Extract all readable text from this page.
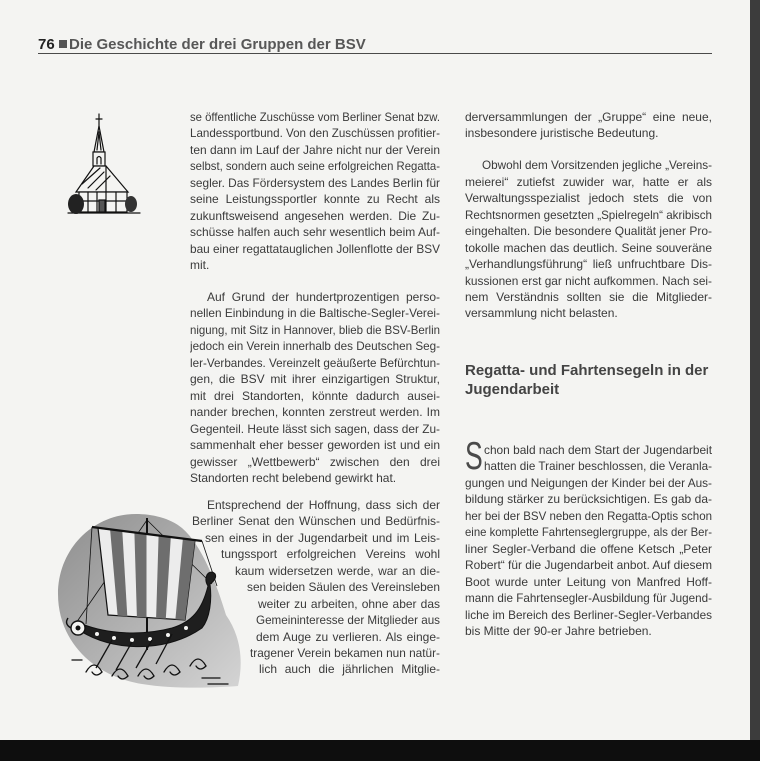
76 Die Geschichte der drei Gruppen der BSV
se öffentliche Zuschüsse vom Berliner Senat bzw.
Landessportbund. Von den Zuschüssen profitier-
ten dann im Lauf der Jahre nicht nur der Verein
selbst, sondern auch seine erfolgreichen Regatta-
segler. Das Fördersystem des Landes Berlin für
seine Leistungssportler konnte zu Recht als
zukunftsweisend angesehen werden. Die Zu-
schüsse halfen auch sehr wesentlich beim Auf-
bau einer regattatauglichen Jollenflotte der BSV
mit.
Auf Grund der hundertprozentigen perso-
nellen Einbindung in die Baltische-Segler-Verei-
nigung, mit Sitz in Hannover, blieb die BSV-Berlin
jedoch ein Verein innerhalb des Deutschen Seg-
ler-Verbandes. Vereinzelt geäußerte Befürchtun-
gen, die BSV mit ihrer einzigartigen Struktur,
mit drei Standorten, könnte dadurch ausei-
nander brechen, konnten zerstreut werden. Im
Gegenteil. Heute lässt sich sagen, dass der Zu-
sammenhalt eher besser geworden ist und ein
gewisser „Wettbewerb“ zwischen den drei
Standorten recht belebend gewirkt hat.
Entsprechend der Hoffnung, dass sich der
Berliner Senat den Wünschen und Bedürfnis-
sen eines in der Jugendarbeit und im Leis-
tungssport erfolgreichen Vereins wohl
kaum widersetzen werde, war an die-
sen beiden Säulen des Vereinsleben
weiter zu arbeiten, ohne aber das
Gemeininteresse der Mitglieder aus
dem Auge zu verlieren. Als einge-
tragener Verein bekamen nun natür-
lich auch die jährlichen Mitglie-
derversammlungen der „Gruppe“ eine neue,
insbesondere juristische Bedeutung.
Obwohl dem Vorsitzenden jegliche „Vereins-
meierei“ zutiefst zuwider war, hatte er als
Verwaltungsspezialist jedoch stets die von
Rechtsnormen gesetzten „Spielregeln“ akribisch
eingehalten. Die besondere Qualität jener Pro-
tokolle machen das deutlich. Seine souveräne
„Verhandlungsführung“ ließ unfruchtbare Dis-
kussionen erst gar nicht aufkommen. Nach sei-
nem Verständnis sollten sie die Mitglieder-
versammlung nicht belasten.
Regatta- und Fahrtensegeln in der
Jugendarbeit
S chon bald nach dem Start der Jugendarbeit
hatten die Trainer beschlossen, die Veranla-
gungen und Neigungen der Kinder bei der Aus-
bildung stärker zu berücksichtigen. Es gab da-
her bei der BSV neben den Regatta-Optis schon
eine komplette Fahrtenseglergruppe, als der Ber-
liner Segler-Verband die offene Ketsch „Peter
Robert“ für die Jugendarbeit anbot. Auf diesem
Boot wurde unter Leitung von Manfred Hoff-
mann die Fahrtensegler-Ausbildung für Jugend-
liche im Bereich des Berliner-Segler-Verbandes
bis Mitte der 90-er Jahre betrieben.
